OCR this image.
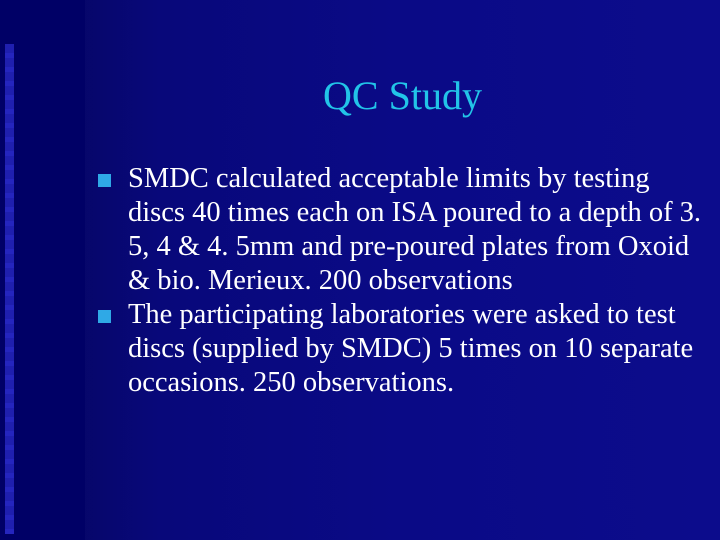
QC Study
SMDC calculated acceptable limits by testing discs 40 times each on ISA poured to a depth of 3. 5, 4 & 4. 5mm and pre-poured plates from Oxoid & bio. Merieux. 200 observations
The participating laboratories were asked to test discs (supplied by SMDC) 5 times on 10 separate occasions. 250 observations.
